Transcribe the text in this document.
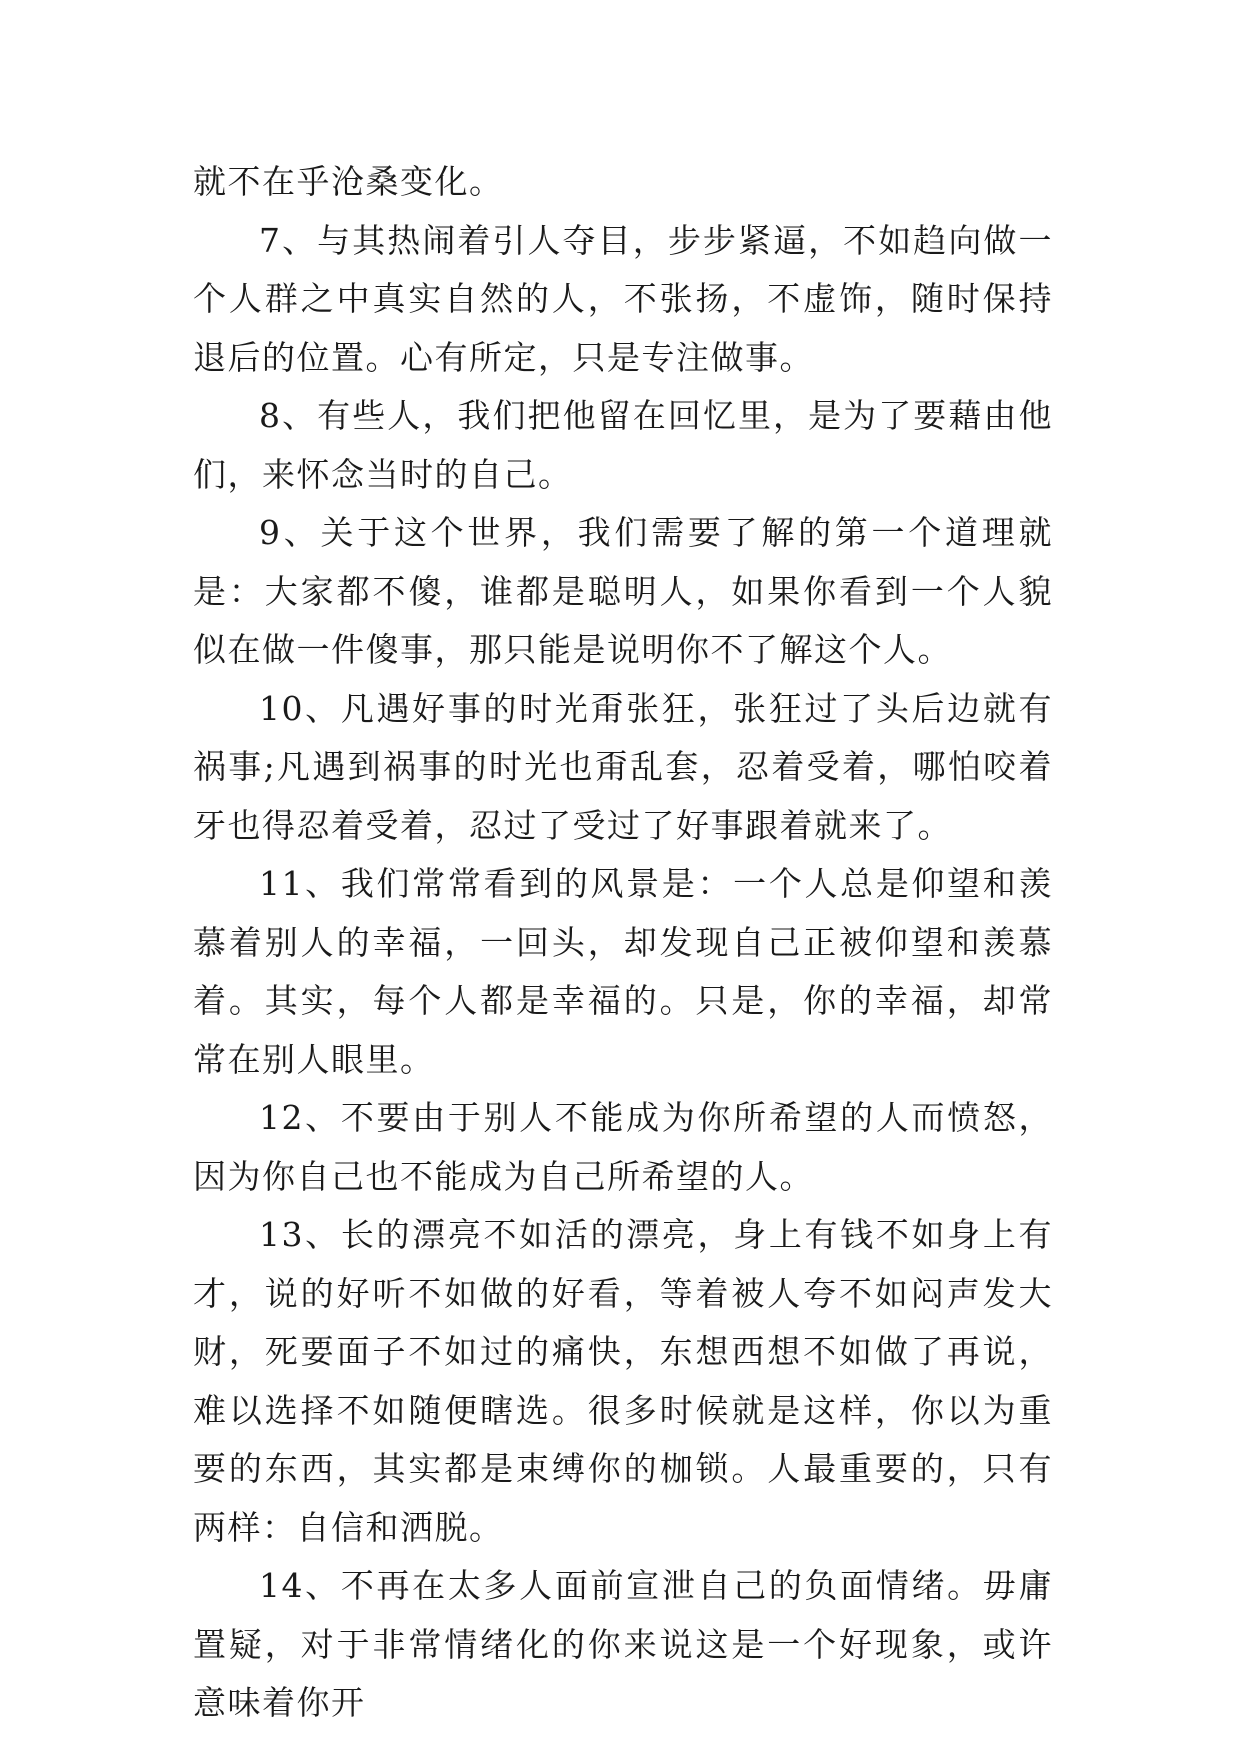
就不在乎沧桑变化。

7、与其热闹着引人夺目，步步紧逼，不如趋向做一个人群之中真实自然的人，不张扬，不虚饰，随时保持退后的位置。心有所定，只是专注做事。

8、有些人，我们把他留在回忆里，是为了要藉由他们，来怀念当时的自己。

9、关于这个世界，我们需要了解的第一个道理就是：大家都不傻，谁都是聪明人，如果你看到一个人貌似在做一件傻事，那只能是说明你不了解这个人。

10、凡遇好事的时光甭张狂，张狂过了头后边就有祸事;凡遇到祸事的时光也甭乱套，忍着受着，哪怕咬着牙也得忍着受着，忍过了受过了好事跟着就来了。

11、我们常常看到的风景是：一个人总是仰望和羡慕着别人的幸福，一回头，却发现自己正被仰望和羡慕着。其实，每个人都是幸福的。只是，你的幸福，却常常在别人眼里。

12、不要由于别人不能成为你所希望的人而愤怒，因为你自己也不能成为自己所希望的人。

13、长的漂亮不如活的漂亮，身上有钱不如身上有才，说的好听不如做的好看，等着被人夸不如闷声发大财，死要面子不如过的痛快，东想西想不如做了再说，难以选择不如随便瞎选。很多时候就是这样，你以为重要的东西，其实都是束缚你的枷锁。人最重要的，只有两样：自信和洒脱。

14、不再在太多人面前宣泄自己的负面情绪。毋庸置疑，对于非常情绪化的你来说这是一个好现象，或许意味着你开
